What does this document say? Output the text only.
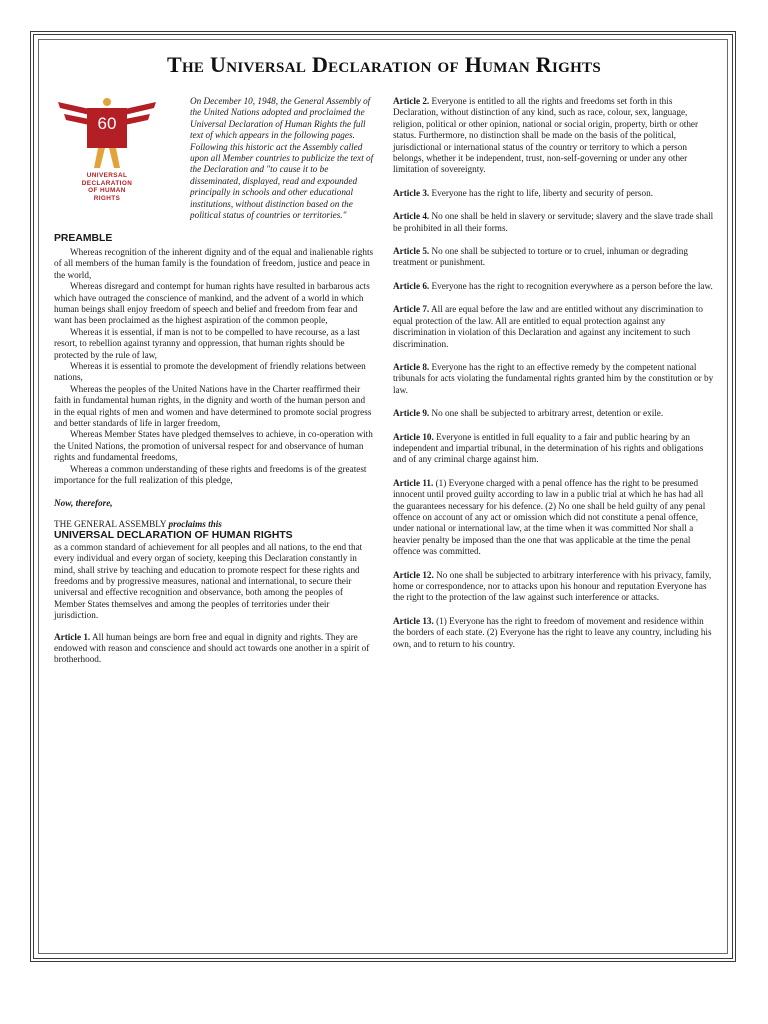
The Universal Declaration of Human Rights
60
UNIVERSAL
DECLARATION
OF HUMAN
RIGHTS

On December 10, 1948, the General Assembly of the United Nations adopted and proclaimed the Universal Declaration of Human Rights the full text of which appears in the following pages. Following this historic act the Assembly called upon all Member countries to publicize the text of the Declaration and "to cause it to be disseminated, displayed, read and expounded principally in schools and other educational institutions, without distinction based on the political status of countries or territories."

PREAMBLE

Whereas recognition of the inherent dignity and of the equal and inalienable rights of all members of the human family is the foundation of freedom, justice and peace in the world,

Whereas disregard and contempt for human rights have resulted in barbarous acts which have outraged the conscience of mankind, and the advent of a world in which human beings shall enjoy freedom of speech and belief and freedom from fear and want has been proclaimed as the highest aspiration of the common people,

Whereas it is essential, if man is not to be compelled to have recourse, as a last resort, to rebellion against tyranny and oppression, that human rights should be protected by the rule of law,

Whereas it is essential to promote the development of friendly relations between nations,

Whereas the peoples of the United Nations have in the Charter reaffirmed their faith in fundamental human rights, in the dignity and worth of the human person and in the equal rights of men and women and have determined to promote social progress and better standards of life in larger freedom,

Whereas Member States have pledged themselves to achieve, in co-operation with the United Nations, the promotion of universal respect for and observance of human rights and fundamental freedoms,

Whereas a common understanding of these rights and freedoms is of the greatest importance for the full realization of this pledge,

Now, therefore,

THE GENERAL ASSEMBLY proclaims this

UNIVERSAL DECLARATION OF HUMAN RIGHTS

as a common standard of achievement for all peoples and all nations, to the end that every individual and every organ of society, keeping this Declaration constantly in mind, shall strive by teaching and education to promote respect for these rights and freedoms and by progressive measures, national and international, to secure their universal and effective recognition and observance, both among the peoples of Member States themselves and among the peoples of territories under their jurisdiction.

Article 1. All human beings are born free and equal in dignity and rights. They are endowed with reason and conscience and should act towards one another in a spirit of brotherhood.

Article 2. Everyone is entitled to all the rights and freedoms set forth in this Declaration, without distinction of any kind, such as race, colour, sex, language, religion, political or other opinion, national or social origin, property, birth or other status. Furthermore, no distinction shall be made on the basis of the political, jurisdictional or international status of the country or territory to which a person belongs, whether it be independent, trust, non-self-governing or under any other limitation of sovereignty.

Article 3. Everyone has the right to life, liberty and security of person.

Article 4. No one shall be held in slavery or servitude; slavery and the slave trade shall be prohibited in all their forms.

Article 5. No one shall be subjected to torture or to cruel, inhuman or degrading treatment or punishment.

Article 6. Everyone has the right to recognition everywhere as a person before the law.

Article 7. All are equal before the law and are entitled without any discrimination to equal protection of the law. All are entitled to equal protection against any discrimination in violation of this Declaration and against any incitement to such discrimination.

Article 8. Everyone has the right to an effective remedy by the competent national tribunals for acts violating the fundamental rights granted him by the constitution or by law.

Article 9. No one shall be subjected to arbitrary arrest, detention or exile.

Article 10. Everyone is entitled in full equality to a fair and public hearing by an independent and impartial tribunal, in the determination of his rights and obligations and of any criminal charge against him.

Article 11. (1) Everyone charged with a penal offence has the right to be presumed innocent until proved guilty according to law in a public trial at which he has had all the guarantees necessary for his defence. (2) No one shall be held guilty of any penal offence on account of any act or omission which did not constitute a penal offence, under national or international law, at the time when it was committed Nor shall a heavier penalty be imposed than the one that was applicable at the time the penal offence was committed.

Article 12. No one shall be subjected to arbitrary interference with his privacy, family, home or correspondence, nor to attacks upon his honour and reputation Everyone has the right to the protection of the law against such interference or attacks.

Article 13. (1) Everyone has the right to freedom of movement and residence within the borders of each state. (2) Everyone has the right to leave any country, including his own, and to return to his country.
